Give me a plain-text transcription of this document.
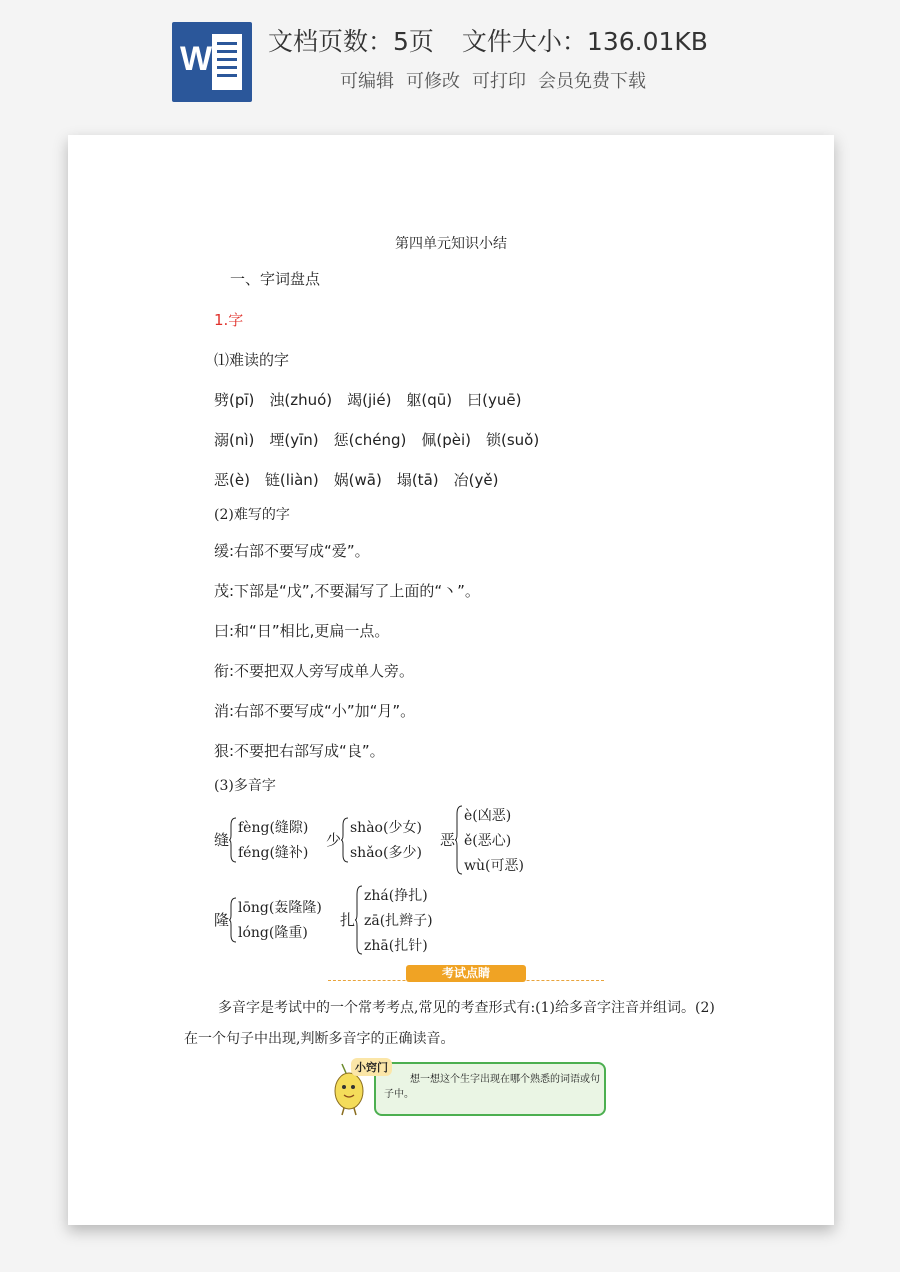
W 文档页数：5页 文件大小：136.01KB
可编辑 可修改 可打印 会员免费下载
第四单元知识小结
一、字词盘点
1.字
⑴难读的字
劈(pī)　浊(zhuó)　竭(jié)　躯(qū)　曰(yuē)
溺(nì)　堙(yīn)　惩(chéng)　佩(pèi)　锁(suǒ)
恶(è)　链(liàn)　娲(wā)　塌(tā)　冶(yě)
(2)难写的字
缓:右部不要写成“爱”。
茂:下部是“戊”,不要漏写了上面的“丶”。
曰:和“日”相比,更扁一点。
衔:不要把双人旁写成单人旁。
消:右部不要写成“小”加“月”。
狠:不要把右部写成“良”。
(3)多音字
缝
fèng(缝隙)
féng(缝补)
少
shào(少女)
shǎo(多少)
恶
è(凶恶)
ě(恶心)
wù(可恶)
隆
lōng(轰隆隆)
lóng(隆重)
扎
zhá(挣扎)
zā(扎辫子)
zhā(扎针)
考试点睛
多音字是考试中的一个常考考点,常见的考查形式有:(1)给多音字注音并组词。(2)在一个句子中出现,判断多音字的正确读音。
想一想这个生字出现在哪个熟悉的词语或句子中。
小窍门
